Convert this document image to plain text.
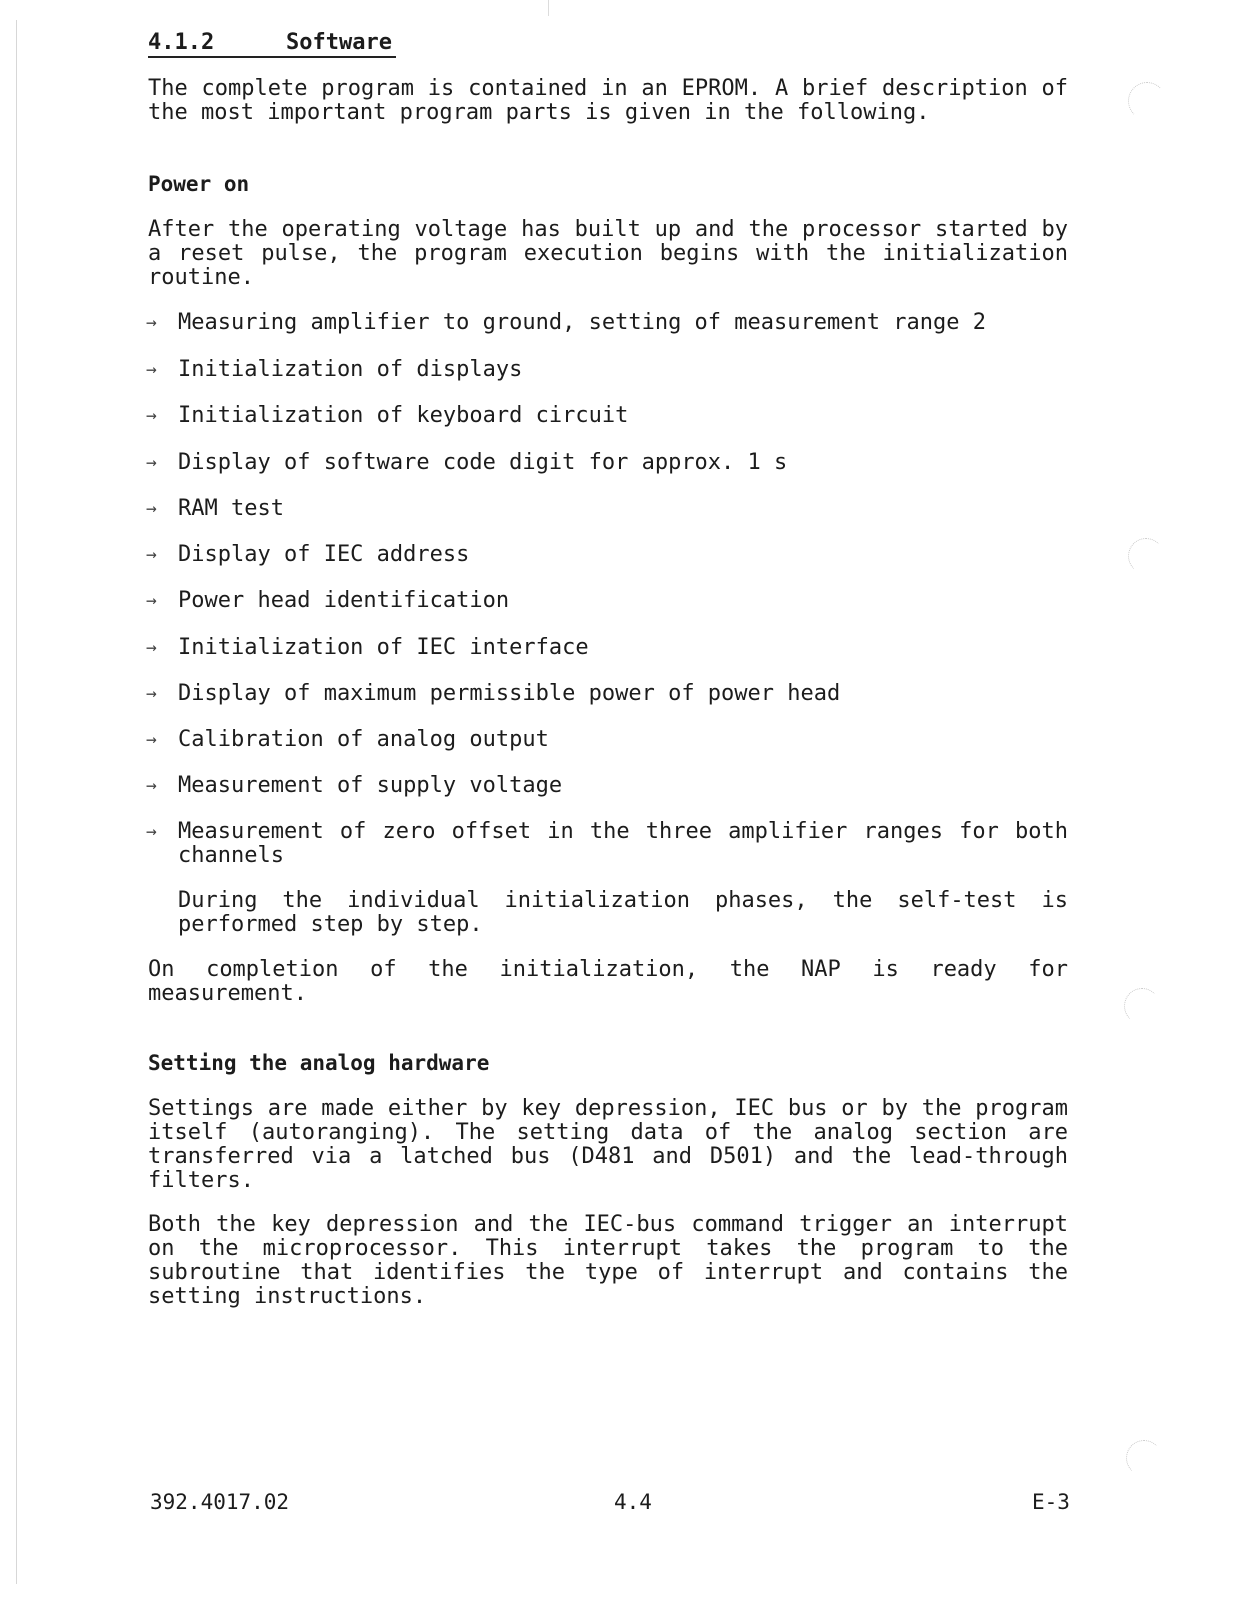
4.1.2	Software
The complete program is contained in an EPROM. A brief description of the most important program parts is given in the following.
Power on
After the operating voltage has built up and the processor started by a reset pulse, the program execution begins with the initialization routine.
→ Measuring amplifier to ground, setting of measurement range 2
→ Initialization of displays
→ Initialization of keyboard circuit
→ Display of software code digit for approx. 1 s
→ RAM test
→ Display of IEC address
→ Power head identification
→ Initialization of IEC interface
→ Display of maximum permissible power of power head
→ Calibration of analog output
→ Measurement of supply voltage
→ Measurement of zero offset in the three amplifier ranges for both channels
During the individual initialization phases, the self-test is performed step by step.
On completion of the initialization, the NAP is ready for measurement.
Setting the analog hardware
Settings are made either by key depression, IEC bus or by the program itself (autoranging). The setting data of the analog section are transferred via a latched bus (D481 and D501) and the lead-through filters.
Both the key depression and the IEC-bus command trigger an interrupt on the microprocessor. This interrupt takes the program to the subroutine that identifies the type of interrupt and contains the setting instructions.
392.4017.02	4.4	E-3
